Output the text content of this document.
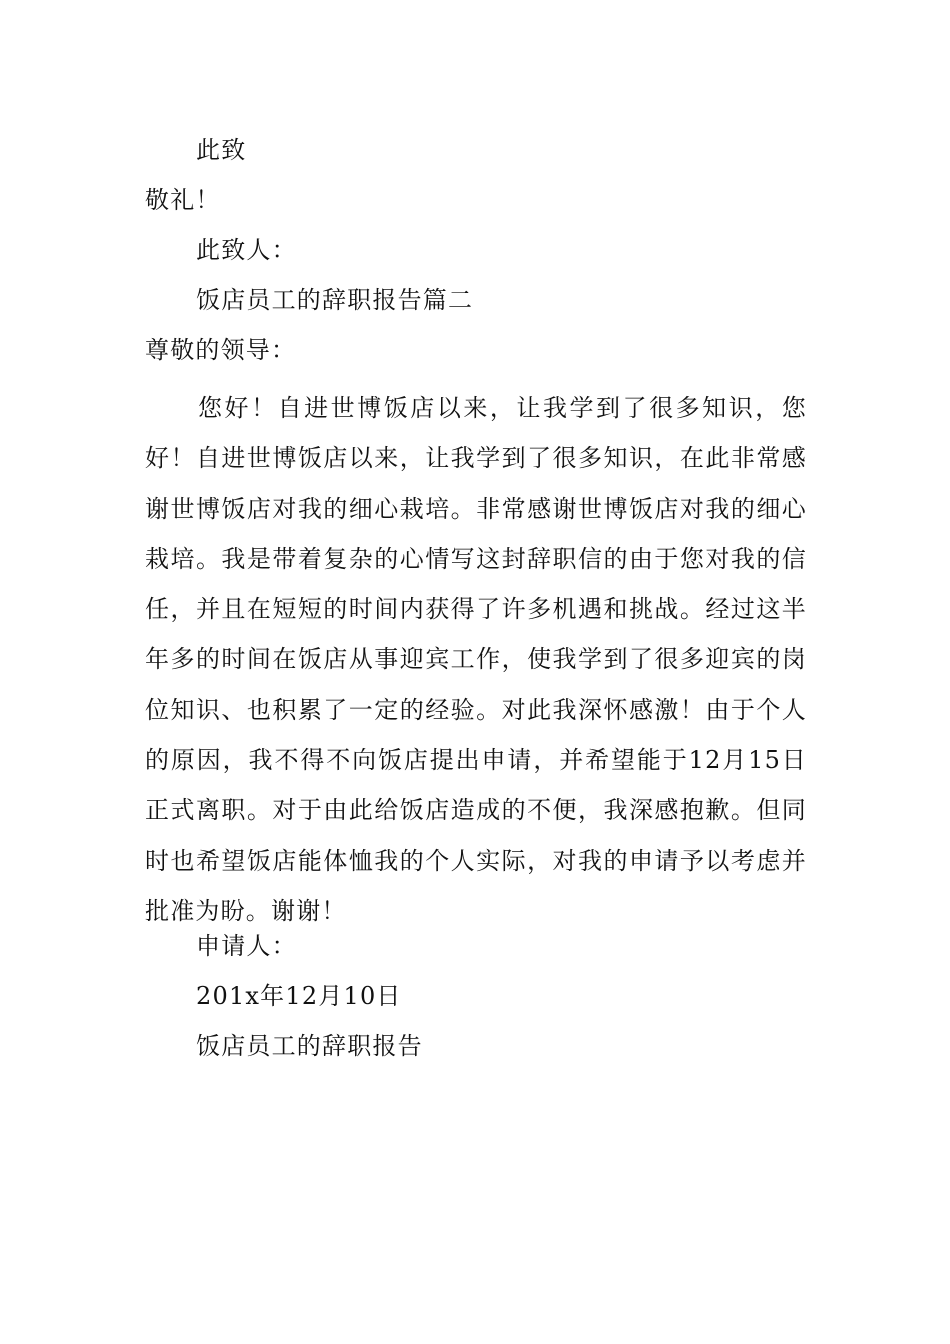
此致
敬礼！
此致人：
饭店员工的辞职报告篇二
尊敬的领导：

您好！自进世博饭店以来，让我学到了很多知识，您好！自进世博饭店以来，让我学到了很多知识，在此非常感谢世博饭店对我的细心栽培。非常感谢世博饭店对我的细心栽培。我是带着复杂的心情写这封辞职信的由于您对我的信任，并且在短短的时间内获得了许多机遇和挑战。经过这半年多的时间在饭店从事迎宾工作，使我学到了很多迎宾的岗位知识、也积累了一定的经验。对此我深怀感激！由于个人的原因，我不得不向饭店提出申请，并希望能于12月15日正式离职。对于由此给饭店造成的不便，我深感抱歉。但同时也希望饭店能体恤我的个人实际，对我的申请予以考虑并批准为盼。谢谢！

申请人：
201x年12月10日
饭店员工的辞职报告
